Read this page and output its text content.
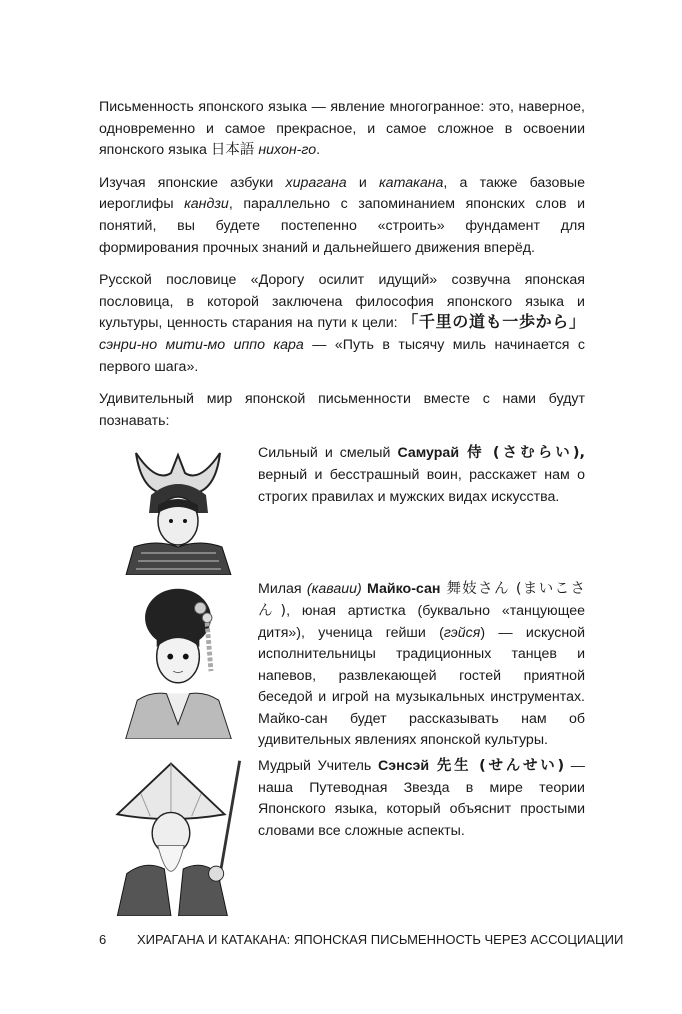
Письменность японского языка — явление многогранное: это, наверное, одновременно и самое прекрасное, и самое сложное в освоении японского языка 日本語 нихон-го.

Изучая японские азбуки хирагана и катакана, а также базовые иероглифы кандзи, параллельно с запоминанием японских слов и понятий, вы будете постепенно «строить» фундамент для формирования прочных знаний и дальнейшего движения вперёд.

Русской пословице «Дорогу осилит идущий» созвучна японская пословица, в которой заключена философия японского языка и культуры, ценность старания на пути к цели: 「千里の道も一歩から」сэнри-но мити-мо иппо кара — «Путь в тысячу миль начинается с первого шага».

Удивительный мир японской письменности вместе с нами будут познавать:

Сильный и смелый Самурай 侍 (さむらい), верный и бесстрашный воин, расскажет нам о строгих правилах и мужских видах искусства.

Милая (каваии) Майко-сан 舞妓さん (まいこさん), юная артистка (буквально «танцующее дитя»), ученица гейши (гэйся) — искусной исполнительницы традиционных танцев и напевов, развлекающей гостей приятной беседой и игрой на музыкальных инструментах. Майко-сан будет рассказывать нам об удивительных явлениях японской культуры.

Мудрый Учитель Сэнсэй 先生 (せんせい) — наша Путеводная Звезда в мире теории Японского языка, который объяснит простыми словами все сложные аспекты.

6	ХИРАГАНА И КАТАКАНА: ЯПОНСКАЯ ПИСЬМЕННОСТЬ ЧЕРЕЗ АССОЦИАЦИИ
